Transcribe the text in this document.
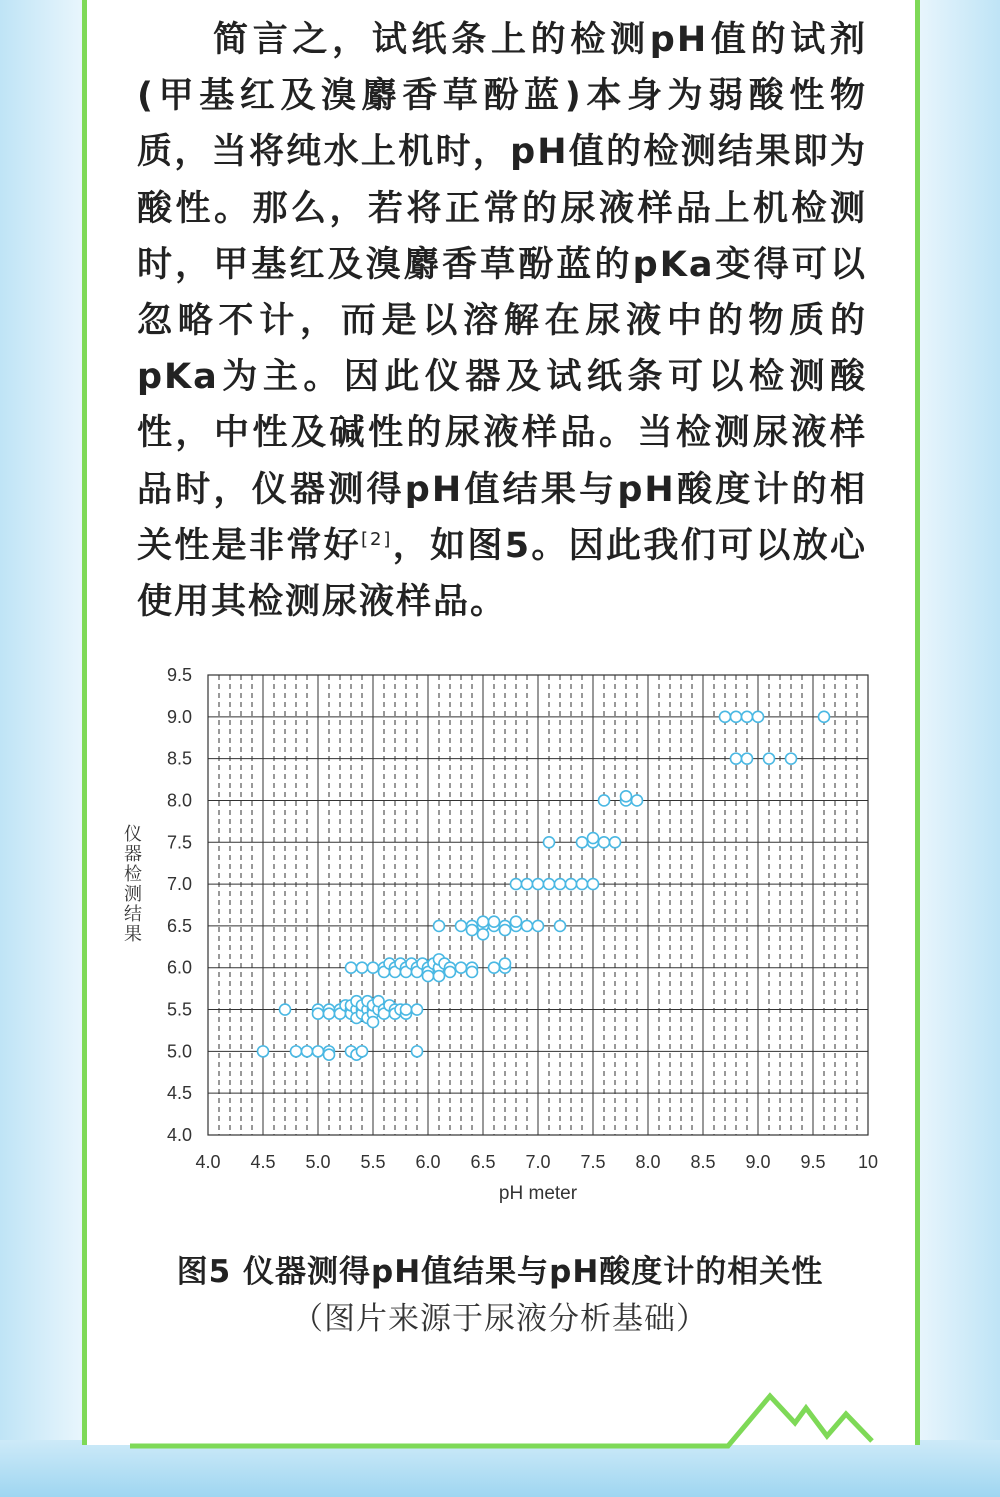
简言之，试纸条上的检测pH值的试剂(甲基红及溴麝香草酚蓝)本身为弱酸性物质，当将纯水上机时，pH值的检测结果即为酸性。那么，若将正常的尿液样品上机检测时，甲基红及溴麝香草酚蓝的pKa变得可以忽略不计，而是以溶解在尿液中的物质的pKa为主。因此仪器及试纸条可以检测酸性，中性及碱性的尿液样品。当检测尿液样品时，仪器测得pH值结果与pH酸度计的相关性是非常好[2]，如图5。因此我们可以放心使用其检测尿液样品。

4.0 4.5 5.0 5.5 6.0 6.5 7.0 7.5 8.0 8.5 9.0 9.5 10
4.0
4.5
5.0
5.5
6.0
6.5
7.0
7.5
8.0
8.5
9.0
9.5
pH meter
仪
器
检
测
结
果
图5 仪器测得pH值结果与pH酸度计的相关性
（图片来源于尿液分析基础）
